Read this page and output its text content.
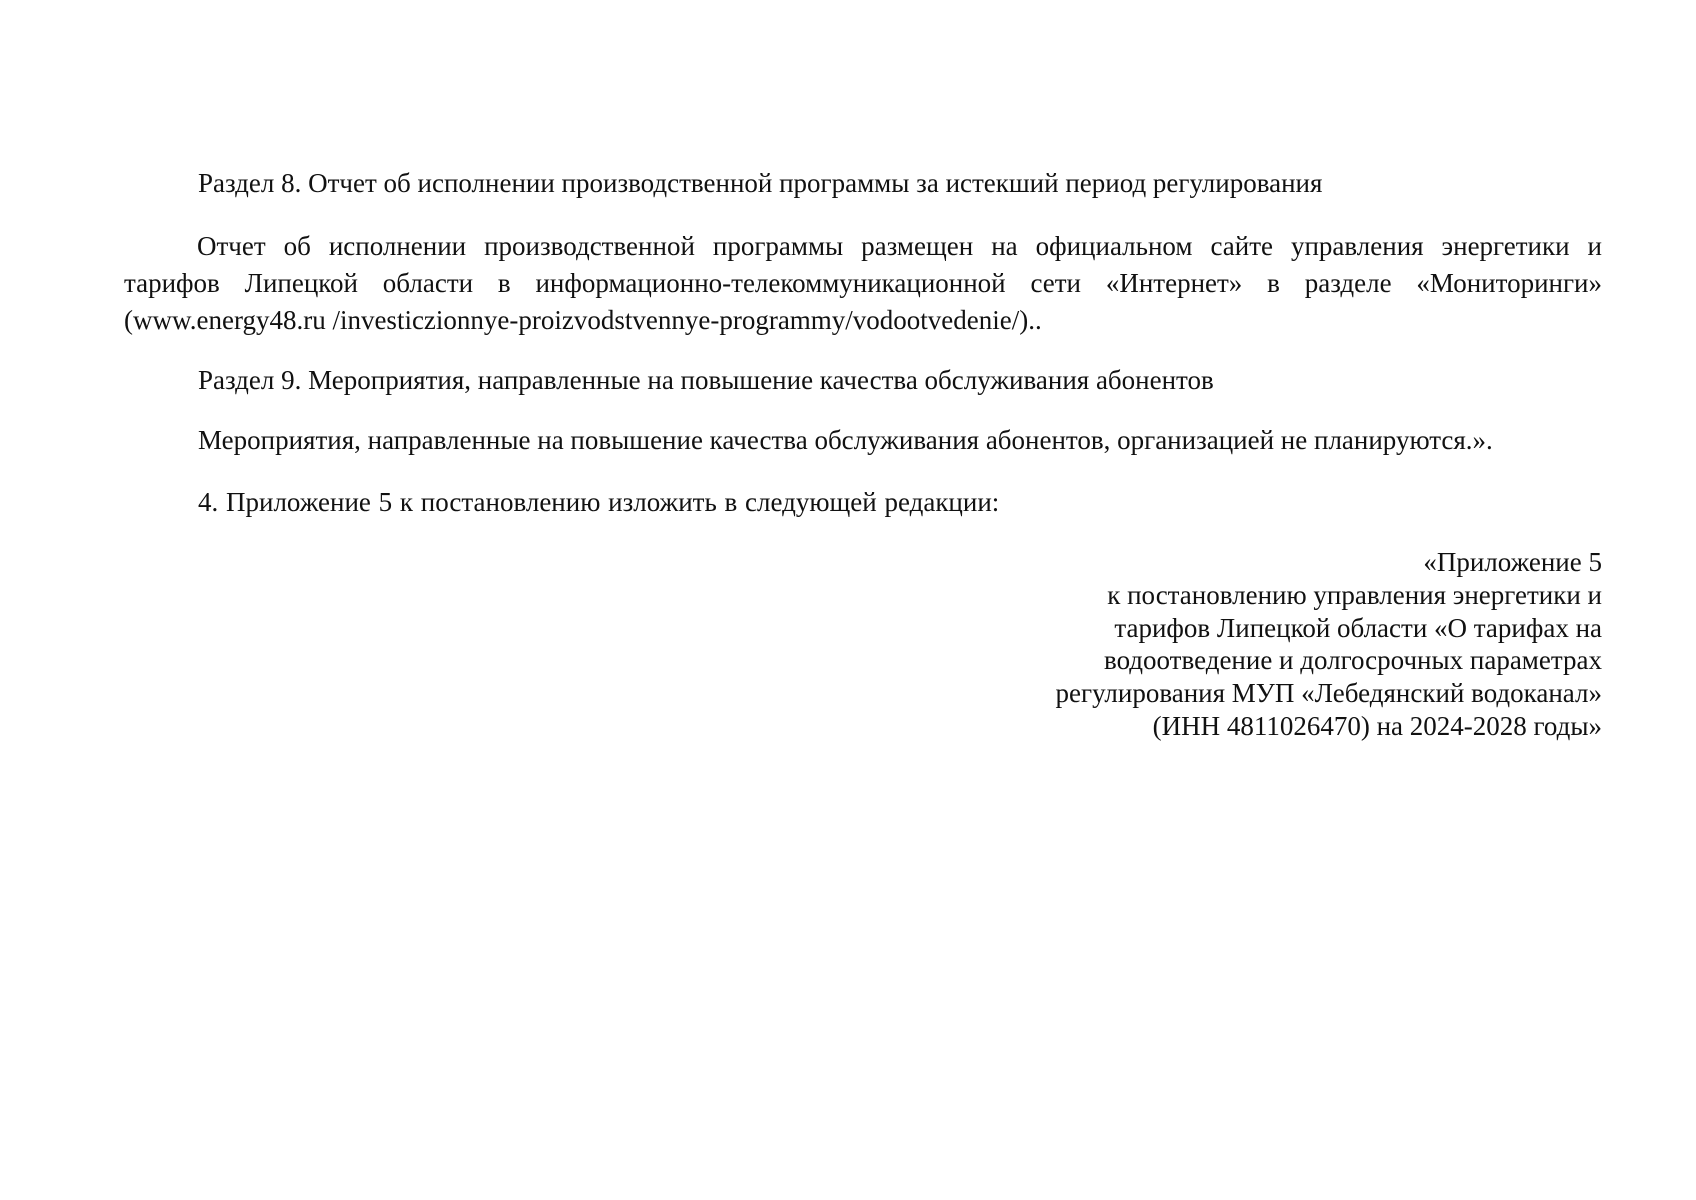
Раздел 8. Отчет об исполнении производственной программы за истекший период регулирования

Отчет об исполнении производственной программы размещен на официальном сайте управления энергетики и
тарифов Липецкой области в информационно-телекоммуникационной сети «Интернет» в разделе «Мониторинги»
(www.energy48.ru /investiczionnye-proizvodstvennye-programmy/vodootvedenie/)..

Раздел 9. Мероприятия, направленные на повышение качества обслуживания абонентов

Мероприятия, направленные на повышение качества обслуживания абонентов, организацией не планируются.».

4. Приложение 5 к постановлению изложить в следующей редакции:

«Приложение 5
к постановлению управления энергетики и
тарифов Липецкой области «О тарифах на
водоотведение и долгосрочных параметрах
регулирования МУП «Лебедянский водоканал»
(ИНН 4811026470) на 2024-2028 годы»
